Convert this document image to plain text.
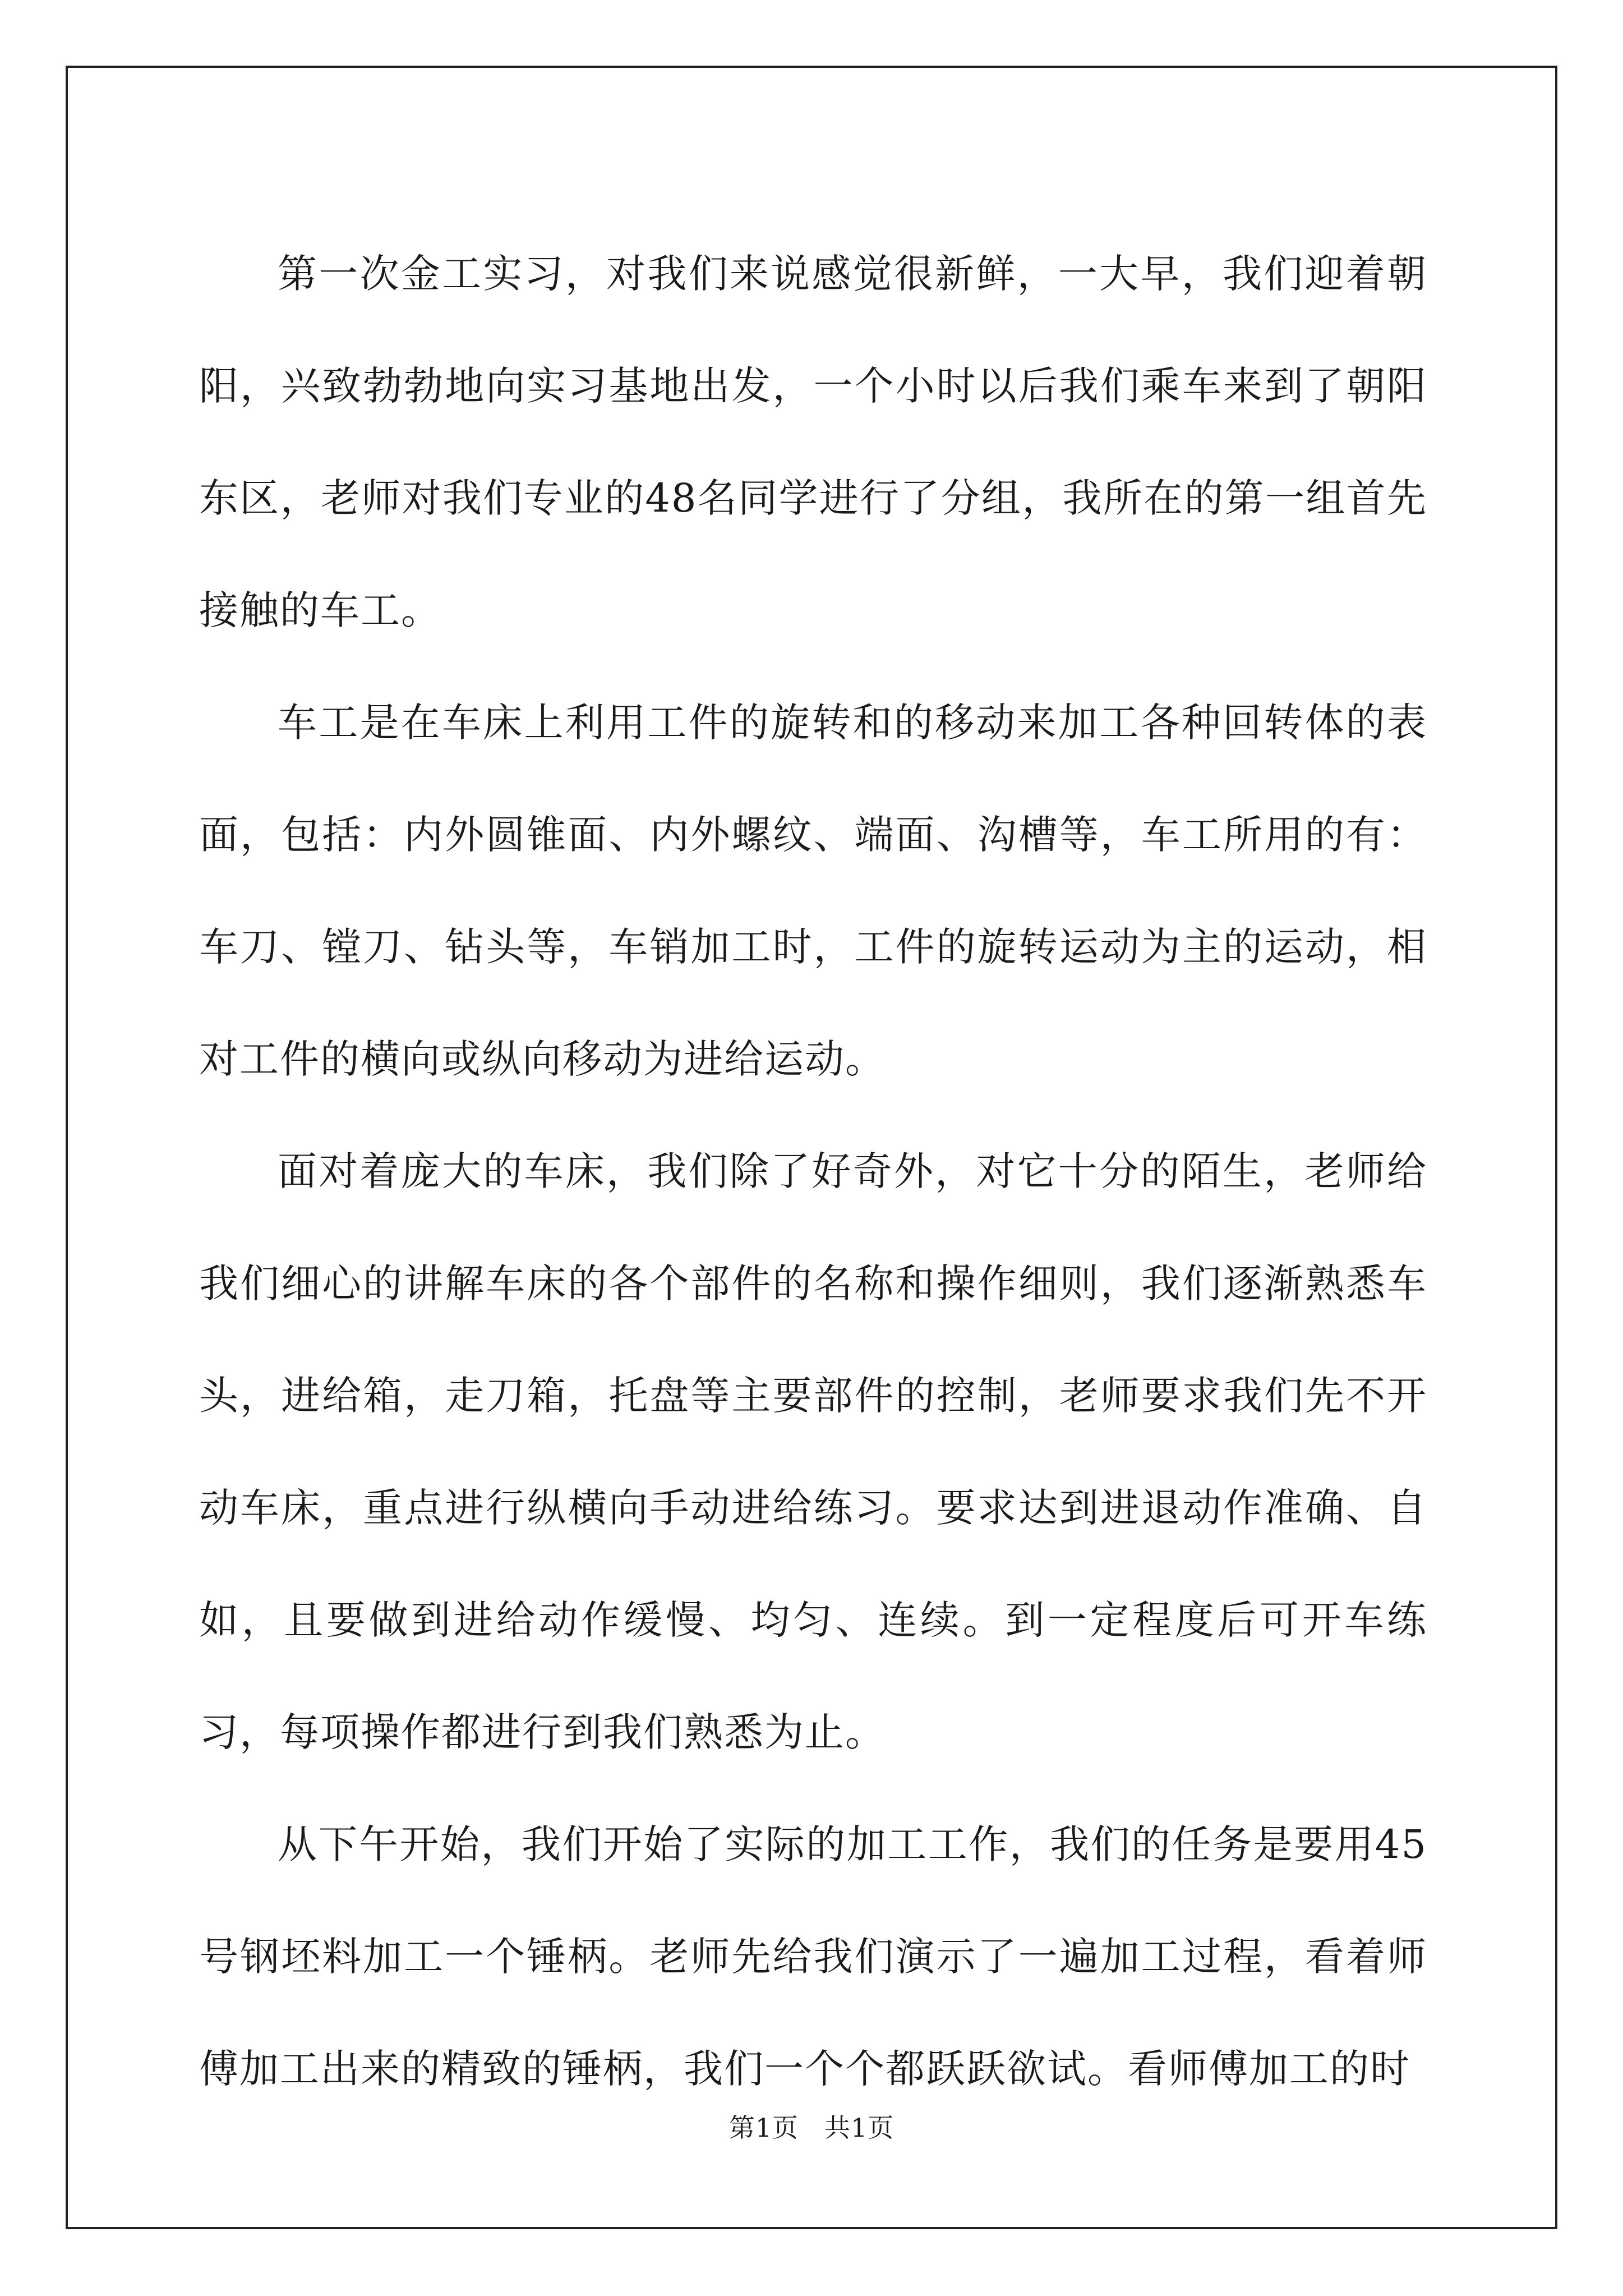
第一次金工实习，对我们来说感觉很新鲜，一大早，我们迎着朝阳，兴致勃勃地向实习基地出发，一个小时以后我们乘车来到了朝阳东区，老师对我们专业的48名同学进行了分组，我所在的第一组首先接触的车工。

车工是在车床上利用工件的旋转和的移动来加工各种回转体的表面，包括：内外圆锥面、内外螺纹、端面、沟槽等，车工所用的有：车刀、镗刀、钻头等，车销加工时，工件的旋转运动为主的运动，相对工件的横向或纵向移动为进给运动。

面对着庞大的车床，我们除了好奇外，对它十分的陌生，老师给我们细心的讲解车床的各个部件的名称和操作细则，我们逐渐熟悉车头，进给箱，走刀箱，托盘等主要部件的控制，老师要求我们先不开动车床，重点进行纵横向手动进给练习。要求达到进退动作准确、自如，且要做到进给动作缓慢、均匀、连续。到一定程度后可开车练习，每项操作都进行到我们熟悉为止。

从下午开始，我们开始了实际的加工工作，我们的任务是要用45号钢坯料加工一个锤柄。老师先给我们演示了一遍加工过程，看着师傅加工出来的精致的锤柄，我们一个个都跃跃欲试。看师傅加工的时

第1页 共1页
